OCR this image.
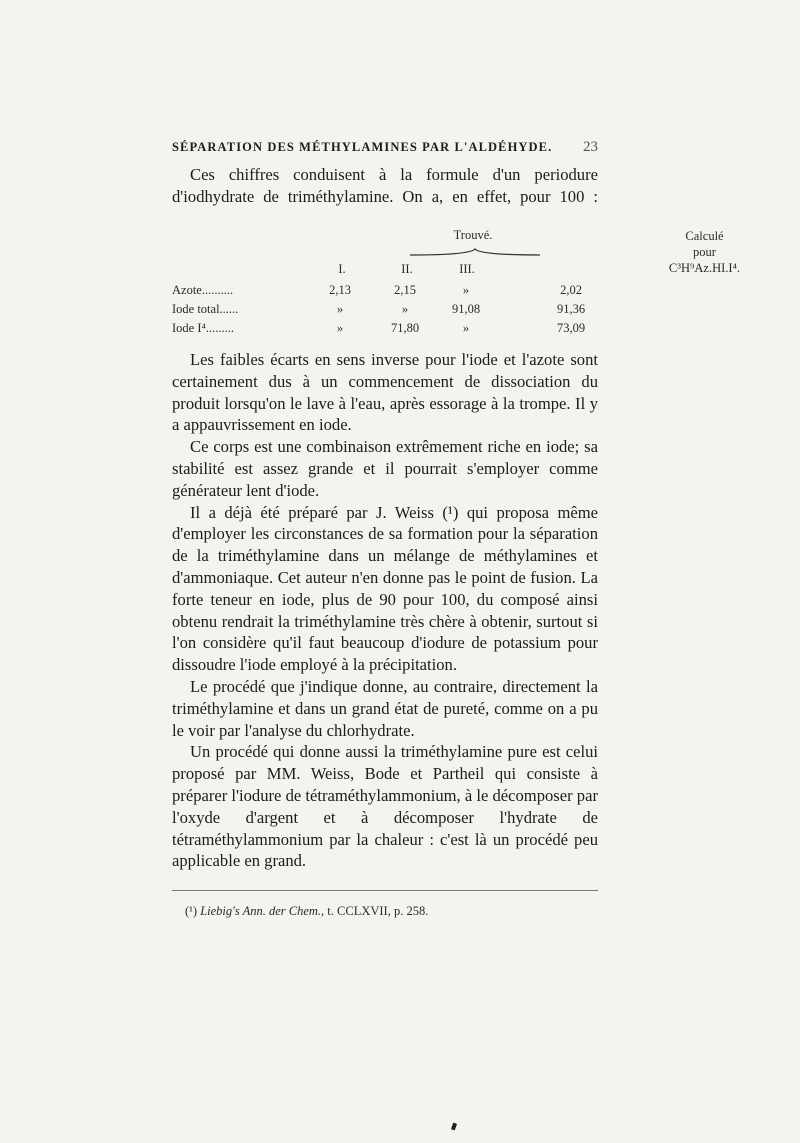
SÉPARATION DES MÉTHYLAMINES PAR L'ALDÉHYDE. 23

Ces chiffres conduisent à la formule d'un periodure

d'iodhydrate de triméthylamine. On a, en effet, pour 100 :

Trouvé.	Calculé
pour
C³H⁹Az.HI.I⁴.
I.	II.	III.
Azote..........	2,13	2,15	»	2,02
Iode total......	»	»	91,08	91,36
Iode I⁴.........	»	71,80	»	73,09

Les faibles écarts en sens inverse pour l'iode et l'azote sont certainement dus à un commencement de dissociation du produit lorsqu'on le lave à l'eau, après essorage à la trompe. Il y a appauvrissement en iode.

Ce corps est une combinaison extrêmement riche en iode; sa stabilité est assez grande et il pourrait s'employer comme générateur lent d'iode.

Il a déjà été préparé par J. Weiss (¹) qui proposa même d'employer les circonstances de sa formation pour la séparation de la triméthylamine dans un mélange de méthylamines et d'ammoniaque. Cet auteur n'en donne pas le point de fusion. La forte teneur en iode, plus de 90 pour 100, du composé ainsi obtenu rendrait la triméthylamine très chère à obtenir, surtout si l'on considère qu'il faut beaucoup d'iodure de potassium pour dissoudre l'iode employé à la précipitation.

Le procédé que j'indique donne, au contraire, directement la triméthylamine et dans un grand état de pureté, comme on a pu le voir par l'analyse du chlorhydrate.

Un procédé qui donne aussi la triméthylamine pure est celui proposé par MM. Weiss, Bode et Partheil qui consiste à préparer l'iodure de tétraméthylammonium, à le décomposer par l'oxyde d'argent et à décomposer l'hydrate de tétraméthylammonium par la chaleur : c'est là un procédé peu applicable en grand.

(¹) Liebig's Ann. der Chem., t. CCLXVII, p. 258.
